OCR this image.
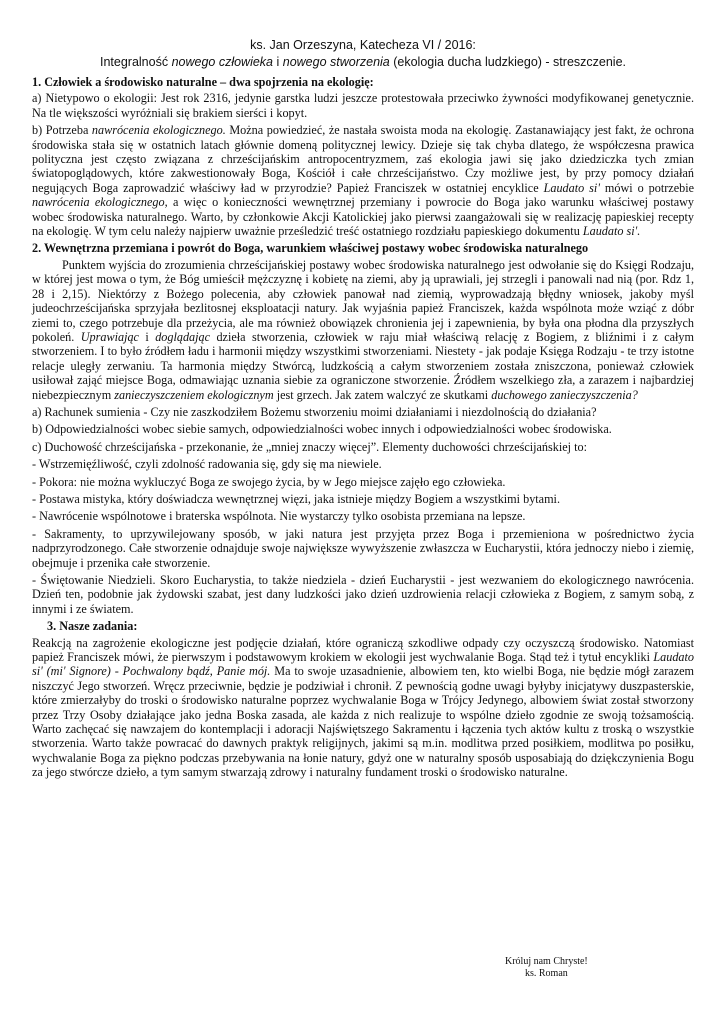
ks. Jan Orzeszyna, Katecheza VI / 2016:
Integralność nowego człowieka i nowego stworzenia (ekologia ducha ludzkiego) - streszczenie.
1. Człowiek a środowisko naturalne – dwa spojrzenia na ekologię:

a) Nietypowo o ekologii: Jest rok 2316, jedynie garstka ludzi jeszcze protestowała przeciwko żywności modyfikowanej genetycznie. Na tle większości wyróżniali się brakiem sierści i kopyt.

b) Potrzeba nawrócenia ekologicznego. Można powiedzieć, że nastała swoista moda na ekologię. Zastanawiający jest fakt, że ochrona środowiska stała się w ostatnich latach głównie domeną politycznej lewicy. Dzieje się tak chyba dlatego, że współczesna prawica polityczna jest często związana z chrześcijańskim antropocentryzmem, zaś ekologia jawi się jako dziedziczka tych zmian światopoglądowych, które zakwestionowały Boga, Kościół i całe chrześcijaństwo. Czy możliwe jest, by przy pomocy działań negujących Boga zaprowadzić właściwy ład w przyrodzie? Papież Franciszek w ostatniej encyklice Laudato si' mówi o potrzebie nawrócenia ekologicznego, a więc o konieczności wewnętrznej przemiany i powrocie do Boga jako warunku właściwej postawy wobec środowiska naturalnego. Warto, by członkowie Akcji Katolickiej jako pierwsi zaangażowali się w realizację papieskiej recepty na ekologię. W tym celu należy najpierw uważnie prześledzić treść ostatniego rozdziału papieskiego dokumentu Laudato si'.

2. Wewnętrzna przemiana i powrót do Boga, warunkiem właściwej postawy wobec środowiska naturalnego

Punktem wyjścia do zrozumienia chrześcijańskiej postawy wobec środowiska naturalnego jest odwołanie się do Księgi Rodzaju, w której jest mowa o tym, że Bóg umieścił mężczyznę i kobietę na ziemi, aby ją uprawiali, jej strzegli i panowali nad nią (por. Rdz 1, 28 i 2,15). Niektórzy z Bożego polecenia, aby człowiek panował nad ziemią, wyprowadzają błędny wniosek, jakoby myśl judeochrześcijańska sprzyjała bezlitosnej eksploatacji natury. Jak wyjaśnia papież Franciszek, każda wspólnota może wziąć z dóbr ziemi to, czego potrzebuje dla przeżycia, ale ma również obowiązek chronienia jej i zapewnienia, by była ona płodna dla przyszłych pokoleń. Uprawiając i doglądając dzieła stworzenia, człowiek w raju miał właściwą relację z Bogiem, z bliźnimi i z całym stworzeniem. I to było źródłem ładu i harmonii między wszystkimi stworzeniami. Niestety - jak podaje Księga Rodzaju - te trzy istotne relacje uległy zerwaniu. Ta harmonia między Stwórcą, ludzkością a całym stworzeniem została zniszczona, ponieważ człowiek usiłował zająć miejsce Boga, odmawiając uznania siebie za ograniczone stworzenie. Źródłem wszelkiego zła, a zarazem i najbardziej niebezpiecznym zanieczyszczeniem ekologicznym jest grzech. Jak zatem walczyć ze skutkami duchowego zanieczyszczenia?

a) Rachunek sumienia - Czy nie zaszkodziłem Bożemu stworzeniu moimi działaniami i niezdolnością do działania?

b) Odpowiedzialności wobec siebie samych, odpowiedzialności wobec innych i odpowiedzialności wobec środowiska.

c) Duchowość chrześcijańska - przekonanie, że „mniej znaczy więcej”. Elementy duchowości chrześcijańskiej to:

- Wstrzemięźliwość, czyli zdolność radowania się, gdy się ma niewiele.

- Pokora: nie można wykluczyć Boga ze swojego życia, by w Jego miejsce zajęło ego człowieka.

- Postawa mistyka, który doświadcza wewnętrznej więzi, jaka istnieje między Bogiem a wszystkimi bytami.

- Nawrócenie wspólnotowe i braterska wspólnota. Nie wystarczy tylko osobista przemiana na lepsze.

- Sakramenty, to uprzywilejowany sposób, w jaki natura jest przyjęta przez Boga i przemieniona w pośrednictwo życia nadprzyrodzonego. Całe stworzenie odnajduje swoje największe wywyższenie zwłaszcza w Eucharystii, która jednoczy niebo i ziemię, obejmuje i przenika całe stworzenie.

- Świętowanie Niedzieli. Skoro Eucharystia, to także niedziela - dzień Eucharystii - jest wezwaniem do ekologicznego nawrócenia. Dzień ten, podobnie jak żydowski szabat, jest dany ludzkości jako dzień uzdrowienia relacji człowieka z Bogiem, z samym sobą, z innymi i ze światem.

3. Nasze zadania:

Reakcją na zagrożenie ekologiczne jest podjęcie działań, które ograniczą szkodliwe odpady czy oczyszczą środowisko. Natomiast papież Franciszek mówi, że pierwszym i podstawowym krokiem w ekologii jest wychwalanie Boga. Stąd też i tytuł encykliki Laudato si' (mi' Signore) - Pochwalony bądź, Panie mój. Ma to swoje uzasadnienie, albowiem ten, kto wielbi Boga, nie będzie mógł zarazem niszczyć Jego stworzeń. Wręcz przeciwnie, będzie je podziwiał i chronił. Z pewnością godne uwagi byłyby inicjatywy duszpasterskie, które zmierzałyby do troski o środowisko naturalne poprzez wychwalanie Boga w Trójcy Jedynego, albowiem świat został stworzony przez Trzy Osoby działające jako jedna Boska zasada, ale każda z nich realizuje to wspólne dzieło zgodnie ze swoją tożsamością. Warto zachęcać się nawzajem do kontemplacji i adoracji Najświętszego Sakramentu i łączenia tych aktów kultu z troską o wszystkie stworzenia. Warto także powracać do dawnych praktyk religijnych, jakimi są m.in. modlitwa przed posiłkiem, modlitwa po posiłku, wychwalanie Boga za piękno podczas przebywania na łonie natury, gdyż one w naturalny sposób usposabiają do dziękczynienia Bogu za jego stwórcze dzieło, a tym samym stwarzają zdrowy i naturalny fundament troski o środowisko naturalne.

Króluj nam Chryste!
ks. Roman
